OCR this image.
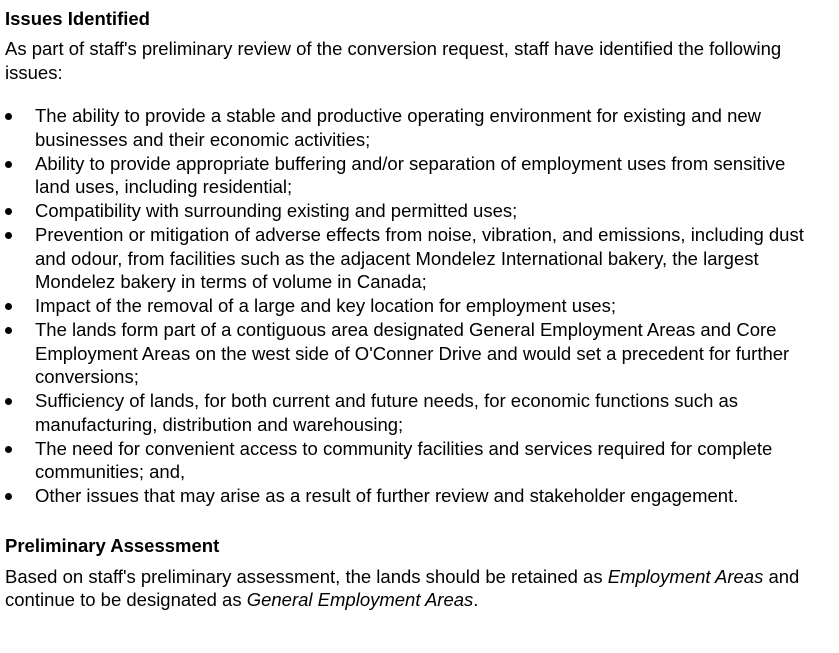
Issues Identified

As part of staff's preliminary review of the conversion request, staff have identified the following issues:

The ability to provide a stable and productive operating environment for existing and new businesses and their economic activities;
Ability to provide appropriate buffering and/or separation of employment uses from sensitive land uses, including residential;
Compatibility with surrounding existing and permitted uses;
Prevention or mitigation of adverse effects from noise, vibration, and emissions, including dust and odour, from facilities such as the adjacent Mondelez International bakery, the largest Mondelez bakery in terms of volume in Canada;
Impact of the removal of a large and key location for employment uses;
The lands form part of a contiguous area designated General Employment Areas and Core Employment Areas on the west side of O'Conner Drive and would set a precedent for further conversions;
Sufficiency of lands, for both current and future needs, for economic functions such as manufacturing, distribution and warehousing;
The need for convenient access to community facilities and services required for complete communities; and,
Other issues that may arise as a result of further review and stakeholder engagement.
Preliminary Assessment

Based on staff's preliminary assessment, the lands should be retained as Employment Areas and continue to be designated as General Employment Areas.
